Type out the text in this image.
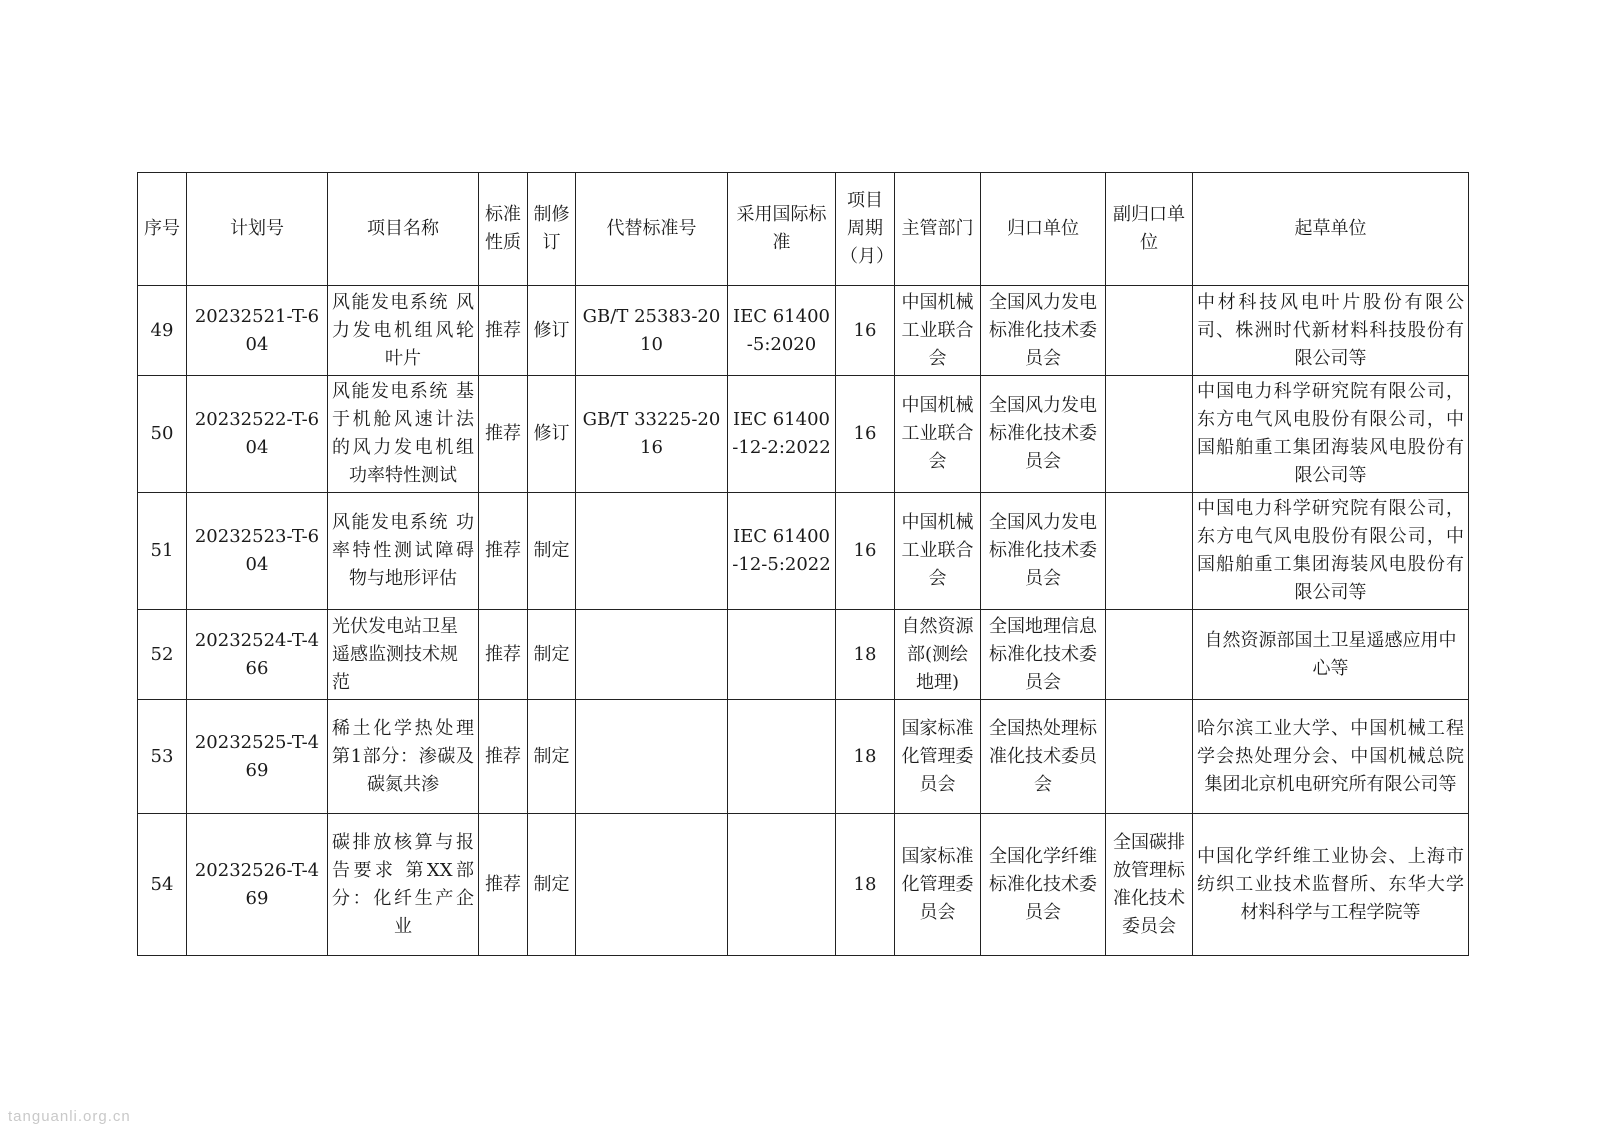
序号	计划号	项目名称	标准性质	制修订	代替标准号	采用国际标准	项目周期（月）	主管部门	归口单位	副归口单位	起草单位
49	20232521-T-604	风能发电系统 风力发电机组风轮叶片	推荐	修订	GB/T 25383-2010	IEC 61400-5:2020	16	中国机械工业联合会	全国风力发电标准化技术委员会		中材科技风电叶片股份有限公司、株洲时代新材料科技股份有限公司等
50	20232522-T-604	风能发电系统 基于机舱风速计法的风力发电机组功率特性测试	推荐	修订	GB/T 33225-2016	IEC 61400-12-2:2022	16	中国机械工业联合会	全国风力发电标准化技术委员会		中国电力科学研究院有限公司，东方电气风电股份有限公司，中国船舶重工集团海装风电股份有限公司等
51	20232523-T-604	风能发电系统 功率特性测试障碍物与地形评估	推荐	制定		IEC 61400-12-5:2022	16	中国机械工业联合会	全国风力发电标准化技术委员会		中国电力科学研究院有限公司，东方电气风电股份有限公司，中国船舶重工集团海装风电股份有限公司等
52	20232524-T-466	光伏发电站卫星遥感监测技术规范	推荐	制定			18	自然资源部(测绘地理)	全国地理信息标准化技术委员会		自然资源部国土卫星遥感应用中心等
53	20232525-T-469	稀土化学热处理 第1部分：渗碳及碳氮共渗	推荐	制定			18	国家标准化管理委员会	全国热处理标准化技术委员会		哈尔滨工业大学、中国机械工程学会热处理分会、中国机械总院集团北京机电研究所有限公司等
54	20232526-T-469	碳排放核算与报告要求 第XX部分：化纤生产企业	推荐	制定			18	国家标准化管理委员会	全国化学纤维标准化技术委员会	全国碳排放管理标准化技术委员会	中国化学纤维工业协会、上海市纺织工业技术监督所、东华大学材料科学与工程学院等
tanguanli.org.cn
